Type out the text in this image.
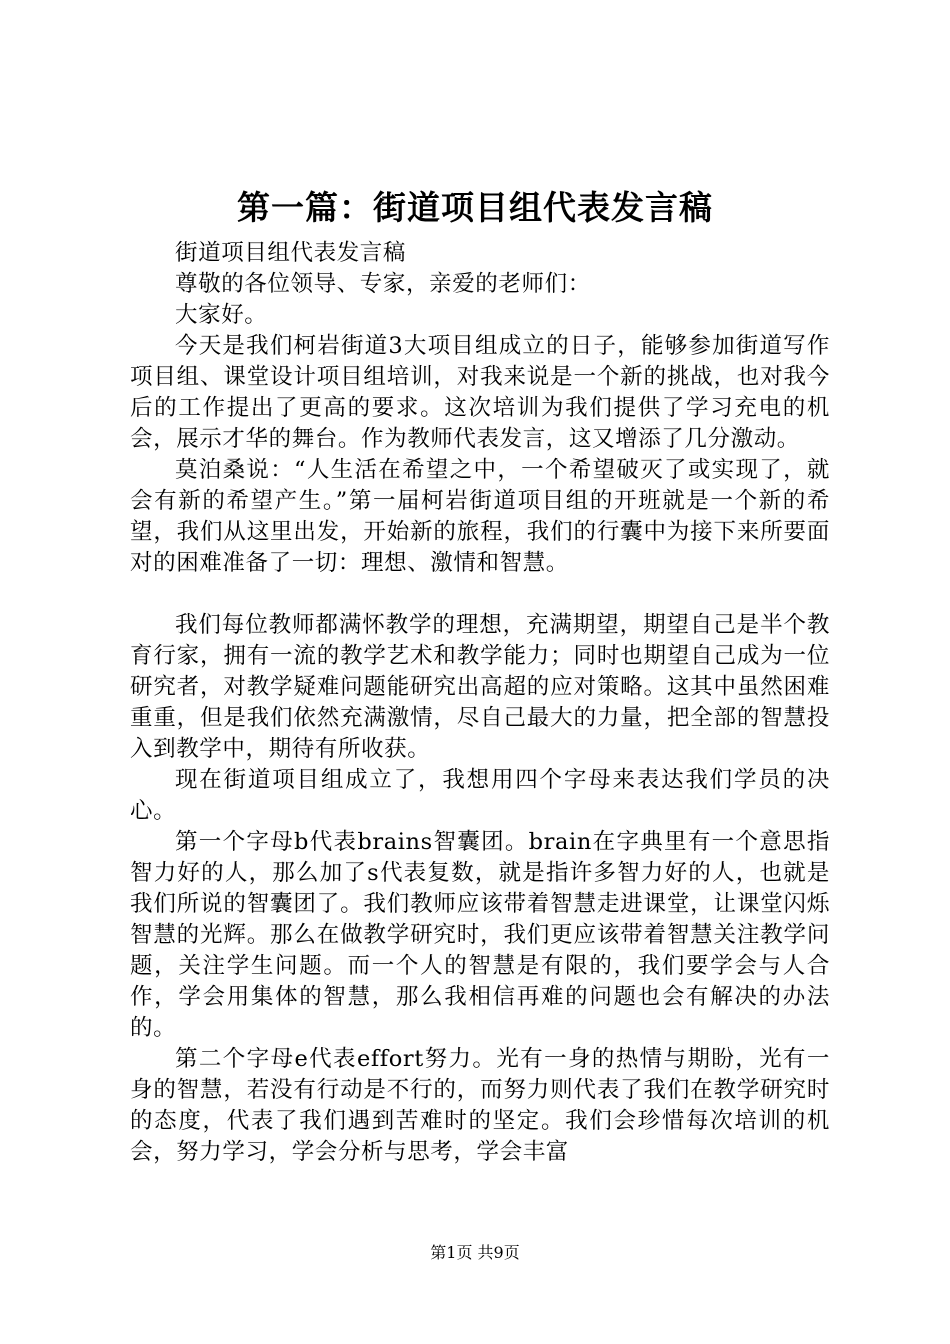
第一篇：街道项目组代表发言稿

街道项目组代表发言稿

尊敬的各位领导、专家，亲爱的老师们：

大家好。

今天是我们柯岩街道3大项目组成立的日子，能够参加街道写作项目组、课堂设计项目组培训，对我来说是一个新的挑战，也对我今后的工作提出了更高的要求。这次培训为我们提供了学习充电的机会，展示才华的舞台。作为教师代表发言，这又增添了几分激动。

莫泊桑说：“人生活在希望之中，一个希望破灭了或实现了，就会有新的希望产生。”第一届柯岩街道项目组的开班就是一个新的希望，我们从这里出发，开始新的旅程，我们的行囊中为接下来所要面对的困难准备了一切：理想、激情和智慧。

我们每位教师都满怀教学的理想，充满期望，期望自己是半个教育行家，拥有一流的教学艺术和教学能力；同时也期望自己成为一位研究者，对教学疑难问题能研究出高超的应对策略。这其中虽然困难重重，但是我们依然充满激情，尽自己最大的力量，把全部的智慧投入到教学中，期待有所收获。

现在街道项目组成立了，我想用四个字母来表达我们学员的决心。

第一个字母b代表brains智囊团。brain在字典里有一个意思指智力好的人，那么加了s代表复数，就是指许多智力好的人，也就是我们所说的智囊团了。我们教师应该带着智慧走进课堂，让课堂闪烁智慧的光辉。那么在做教学研究时，我们更应该带着智慧关注教学问题，关注学生问题。而一个人的智慧是有限的，我们要学会与人合作，学会用集体的智慧，那么我相信再难的问题也会有解决的办法的。

第二个字母e代表effort努力。光有一身的热情与期盼，光有一身的智慧，若没有行动是不行的，而努力则代表了我们在教学研究时的态度，代表了我们遇到苦难时的坚定。我们会珍惜每次培训的机会，努力学习，学会分析与思考，学会丰富

第1页 共9页
